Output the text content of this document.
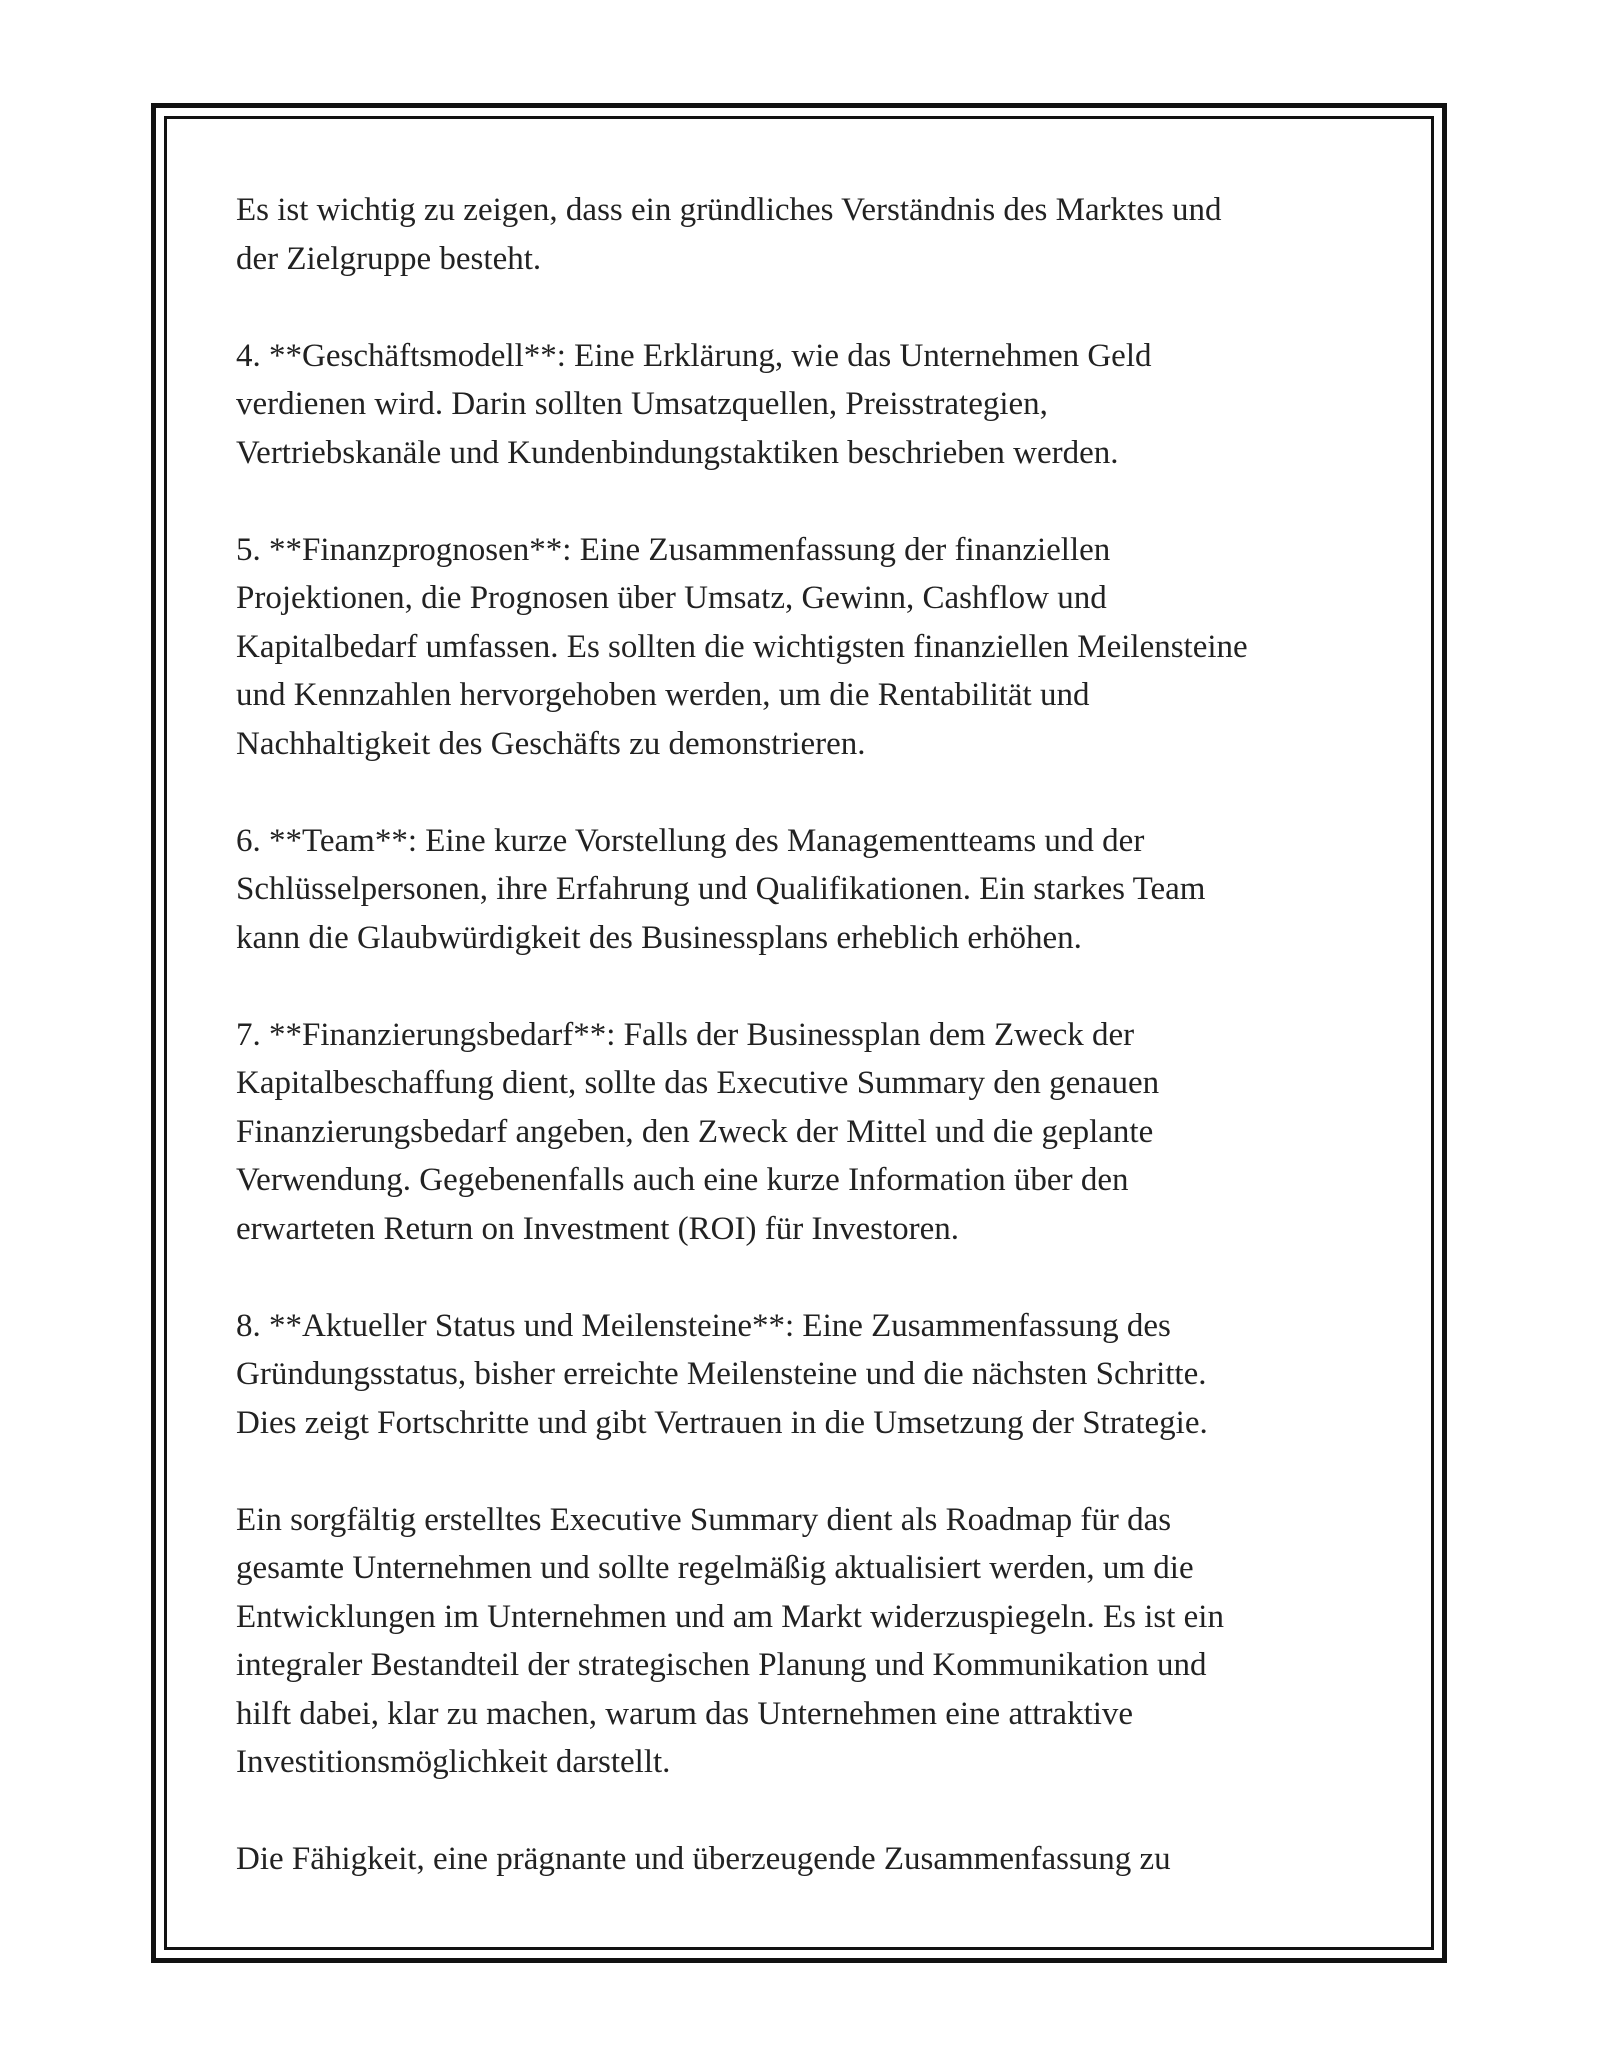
Es ist wichtig zu zeigen, dass ein gründliches Verständnis des Marktes und
der Zielgruppe besteht.

4. **Geschäftsmodell**: Eine Erklärung, wie das Unternehmen Geld
verdienen wird. Darin sollten Umsatzquellen, Preisstrategien,
Vertriebskanäle und Kundenbindungstaktiken beschrieben werden.

5. **Finanzprognosen**: Eine Zusammenfassung der finanziellen
Projektionen, die Prognosen über Umsatz, Gewinn, Cashflow und
Kapitalbedarf umfassen. Es sollten die wichtigsten finanziellen Meilensteine
und Kennzahlen hervorgehoben werden, um die Rentabilität und
Nachhaltigkeit des Geschäfts zu demonstrieren.

6. **Team**: Eine kurze Vorstellung des Managementteams und der
Schlüsselpersonen, ihre Erfahrung und Qualifikationen. Ein starkes Team
kann die Glaubwürdigkeit des Businessplans erheblich erhöhen.

7. **Finanzierungsbedarf**: Falls der Businessplan dem Zweck der
Kapitalbeschaffung dient, sollte das Executive Summary den genauen
Finanzierungsbedarf angeben, den Zweck der Mittel und die geplante
Verwendung. Gegebenenfalls auch eine kurze Information über den
erwarteten Return on Investment (ROI) für Investoren.

8. **Aktueller Status und Meilensteine**: Eine Zusammenfassung des
Gründungsstatus, bisher erreichte Meilensteine und die nächsten Schritte.
Dies zeigt Fortschritte und gibt Vertrauen in die Umsetzung der Strategie.

Ein sorgfältig erstelltes Executive Summary dient als Roadmap für das
gesamte Unternehmen und sollte regelmäßig aktualisiert werden, um die
Entwicklungen im Unternehmen und am Markt widerzuspiegeln. Es ist ein
integraler Bestandteil der strategischen Planung und Kommunikation und
hilft dabei, klar zu machen, warum das Unternehmen eine attraktive
Investitionsmöglichkeit darstellt.

Die Fähigkeit, eine prägnante und überzeugende Zusammenfassung zu
